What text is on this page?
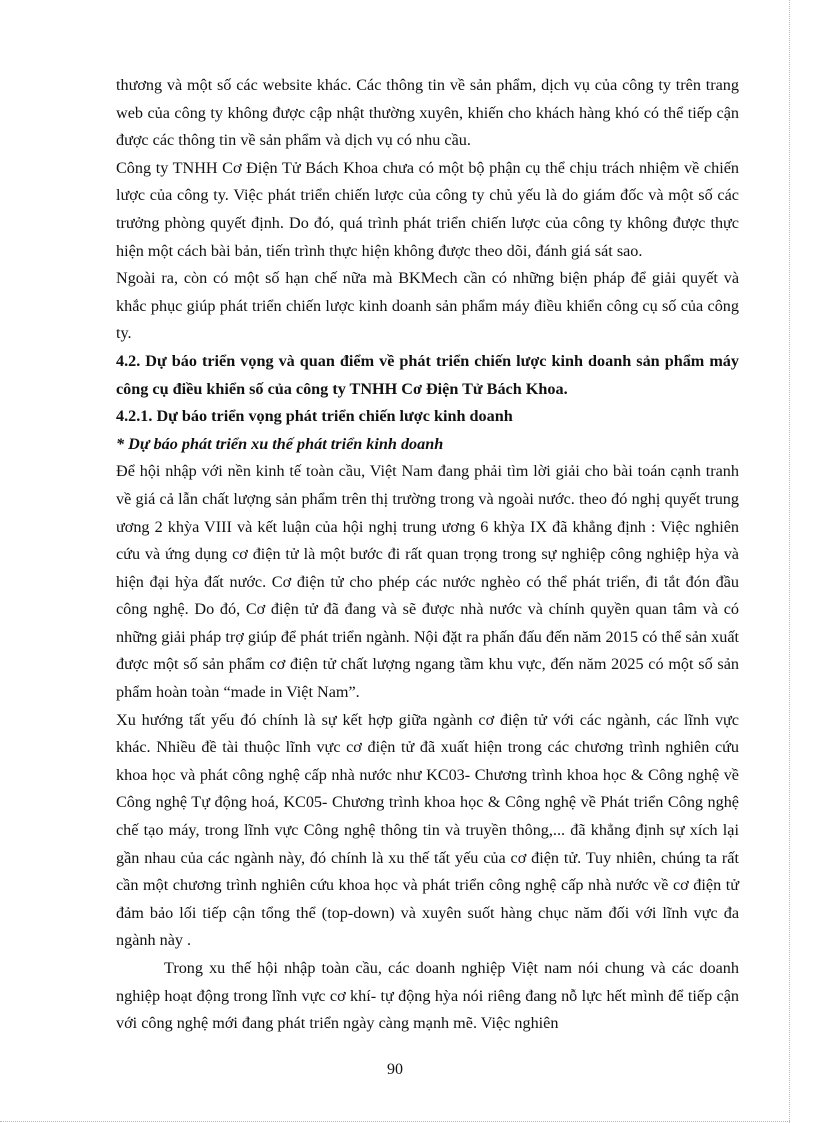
thương và một số các website khác. Các thông tin về sản phẩm, dịch vụ của công ty trên trang web của công ty không được cập nhật thường xuyên, khiến cho khách hàng khó có thể tiếp cận được các thông tin về sản phẩm và dịch vụ có nhu cầu.

Công ty TNHH Cơ Điện Tử Bách Khoa chưa có một bộ phận cụ thể chịu trách nhiệm về chiến lược của công ty. Việc phát triển chiến lược của công ty chủ yếu là do giám đốc và một số các trưởng phòng quyết định. Do đó, quá trình phát triển chiến lược của công ty không được thực hiện một cách bài bản, tiến trình thực hiện không được theo dõi, đánh giá sát sao.

Ngoài ra, còn có một số hạn chế nữa mà BKMech cần có những biện pháp để giải quyết và khắc phục giúp phát triển chiến lược kinh doanh sản phẩm máy điều khiển công cụ số của công ty.

4.2. Dự báo triển vọng và quan điểm về phát triển chiến lược kinh doanh sản phẩm máy công cụ điều khiển số của công ty TNHH Cơ Điện Tử Bách Khoa.

4.2.1. Dự báo triển vọng phát triển chiến lược kinh doanh

* Dự báo phát triển xu thế phát triển kinh doanh

Để hội nhập với nền kinh tế toàn cầu, Việt Nam đang phải tìm lời giải cho bài toán cạnh tranh về giá cả lẫn chất lượng sản phẩm trên thị trường trong và ngoài nước. theo đó nghị quyết trung ương 2 khỳa VIII và kết luận của hội nghị trung ương 6 khỳa IX đã khẳng định : Việc nghiên cứu và ứng dụng cơ điện tử là một bước đi rất quan trọng trong sự nghiệp công nghiệp hỳa và hiện đại hỳa đất nước. Cơ điện tử cho phép các nước nghèo có thể phát triển, đi tắt đón đầu công nghệ. Do đó, Cơ điện tử đã đang và sẽ được nhà nước và chính quyền quan tâm và có những giải pháp trợ giúp để phát triển ngành. Nội đặt ra phấn đấu đến năm 2015 có thể sản xuất được một số sản phẩm cơ điện tử chất lượng ngang tầm khu vực, đến năm 2025 có một số sản phẩm hoàn toàn “made in Việt Nam”.

Xu hướng tất yếu đó chính là sự kết hợp giữa ngành cơ điện tử với các ngành, các lĩnh vực khác. Nhiều đề tài thuộc lĩnh vực cơ điện tử đã xuất hiện trong các chương trình nghiên cứu khoa học và phát công nghệ cấp nhà nước như KC03- Chương trình khoa học & Công nghệ về Công nghệ Tự động hoá, KC05- Chương trình khoa học & Công nghệ về Phát triển Công nghệ chế tạo máy, trong lĩnh vực Công nghệ thông tin và truyền thông,... đã khẳng định sự xích lại gần nhau của các ngành này, đó chính là xu thế tất yếu của cơ điện tử. Tuy nhiên, chúng ta rất cần một chương trình nghiên cứu khoa học và phát triển công nghệ cấp nhà nước về cơ điện tử đảm bảo lối tiếp cận tổng thể (top-down) và xuyên suốt hàng chục năm đối với lĩnh vực đa ngành này .

Trong xu thế hội nhập toàn cầu, các doanh nghiệp Việt nam nói chung và các doanh nghiệp hoạt động trong lĩnh vực cơ khí- tự động hỳa nói riêng đang nỗ lực hết mình để tiếp cận với công nghệ mới đang phát triển ngày càng mạnh mẽ. Việc nghiên

90
